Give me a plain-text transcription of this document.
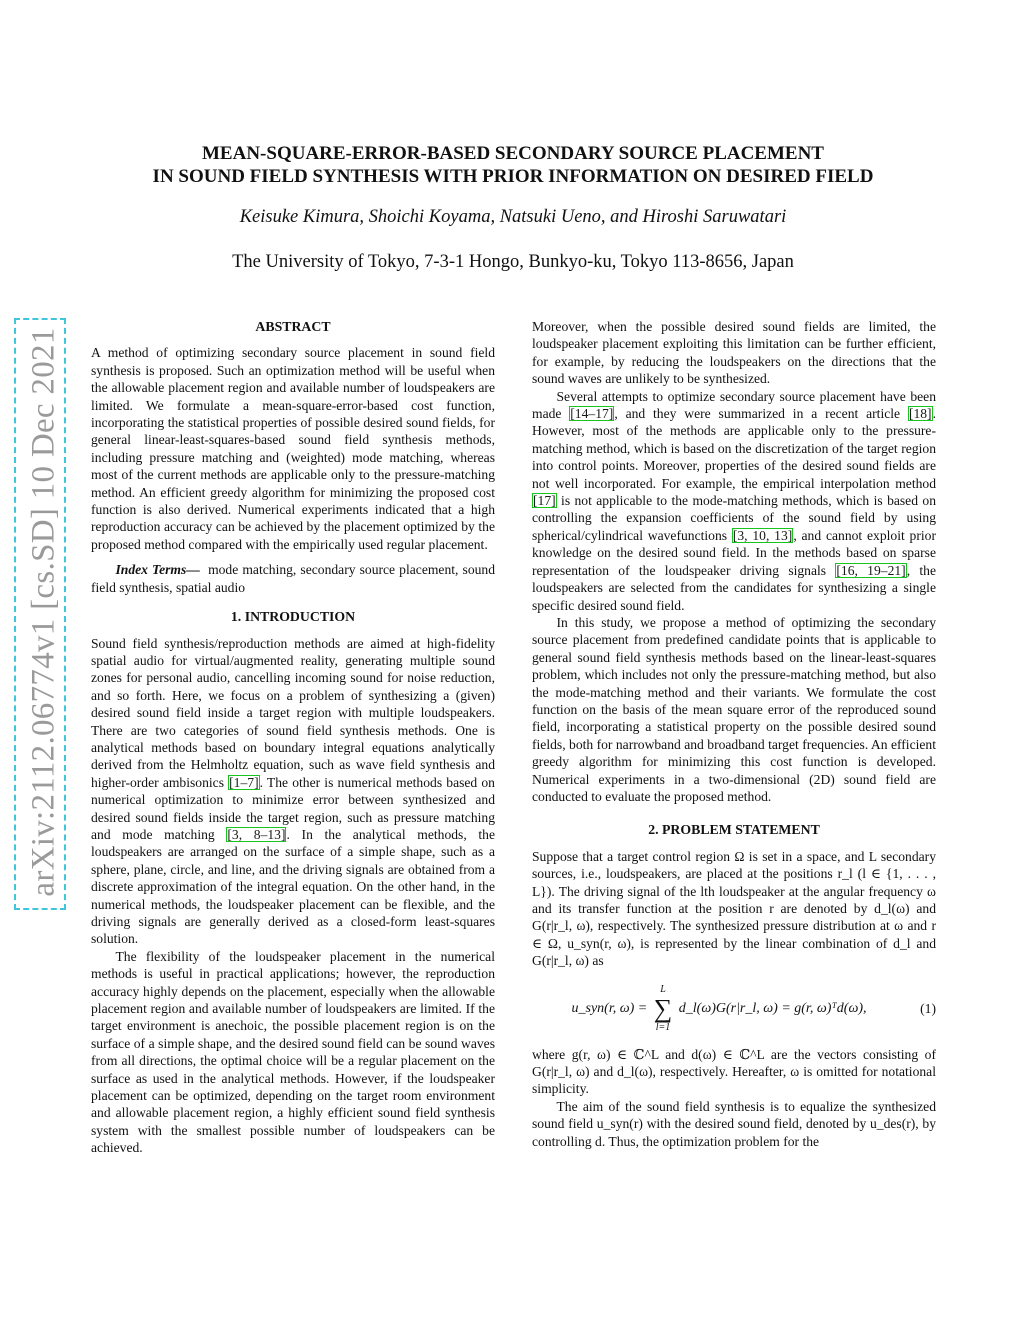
arXiv:2112.06774v1 [cs.SD] 10 Dec 2021
MEAN-SQUARE-ERROR-BASED SECONDARY SOURCE PLACEMENT
IN SOUND FIELD SYNTHESIS WITH PRIOR INFORMATION ON DESIRED FIELD
Keisuke Kimura, Shoichi Koyama, Natsuki Ueno, and Hiroshi Saruwatari
The University of Tokyo, 7-3-1 Hongo, Bunkyo-ku, Tokyo 113-8656, Japan
ABSTRACT

A method of optimizing secondary source placement in sound field synthesis is proposed. Such an optimization method will be useful when the allowable placement region and available number of loudspeakers are limited. We formulate a mean-square-error-based cost function, incorporating the statistical properties of possible desired sound fields, for general linear-least-squares-based sound field synthesis methods, including pressure matching and (weighted) mode matching, whereas most of the current methods are applicable only to the pressure-matching method. An efficient greedy algorithm for minimizing the proposed cost function is also derived. Numerical experiments indicated that a high reproduction accuracy can be achieved by the placement optimized by the proposed method compared with the empirically used regular placement.

Index Terms— mode matching, secondary source placement, sound field synthesis, spatial audio

1. INTRODUCTION

Sound field synthesis/reproduction methods are aimed at high-fidelity spatial audio for virtual/augmented reality, generating multiple sound zones for personal audio, cancelling incoming sound for noise reduction, and so forth. Here, we focus on a problem of synthesizing a (given) desired sound field inside a target region with multiple loudspeakers. There are two categories of sound field synthesis methods. One is analytical methods based on boundary integral equations analytically derived from the Helmholtz equation, such as wave field synthesis and higher-order ambisonics [1–7]. The other is numerical methods based on numerical optimization to minimize error between synthesized and desired sound fields inside the target region, such as pressure matching and mode matching [3, 8–13]. In the analytical methods, the loudspeakers are arranged on the surface of a simple shape, such as a sphere, plane, circle, and line, and the driving signals are obtained from a discrete approximation of the integral equation. On the other hand, in the numerical methods, the loudspeaker placement can be flexible, and the driving signals are generally derived as a closed-form least-squares solution.

The flexibility of the loudspeaker placement in the numerical methods is useful in practical applications; however, the reproduction accuracy highly depends on the placement, especially when the allowable placement region and available number of loudspeakers are limited. If the target environment is anechoic, the possible placement region is on the surface of a simple shape, and the desired sound field can be sound waves from all directions, the optimal choice will be a regular placement on the surface as used in the analytical methods. However, if the loudspeaker placement can be optimized, depending on the target room environment and allowable placement region, a highly efficient sound field synthesis system with the smallest possible number of loudspeakers can be achieved.

Moreover, when the possible desired sound fields are limited, the loudspeaker placement exploiting this limitation can be further efficient, for example, by reducing the loudspeakers on the directions that the sound waves are unlikely to be synthesized.

Several attempts to optimize secondary source placement have been made [14–17], and they were summarized in a recent article [18]. However, most of the methods are applicable only to the pressure-matching method, which is based on the discretization of the target region into control points. Moreover, properties of the desired sound fields are not well incorporated. For example, the empirical interpolation method [17] is not applicable to the mode-matching methods, which is based on controlling the expansion coefficients of the sound field by using spherical/cylindrical wavefunctions [3, 10, 13], and cannot exploit prior knowledge on the desired sound field. In the methods based on sparse representation of the loudspeaker driving signals [16, 19–21], the loudspeakers are selected from the candidates for synthesizing a single specific desired sound field.

In this study, we propose a method of optimizing the secondary source placement from predefined candidate points that is applicable to general sound field synthesis methods based on the linear-least-squares problem, which includes not only the pressure-matching method, but also the mode-matching method and their variants. We formulate the cost function on the basis of the mean square error of the reproduced sound field, incorporating a statistical property on the possible desired sound fields, both for narrowband and broadband target frequencies. An efficient greedy algorithm for minimizing this cost function is developed. Numerical experiments in a two-dimensional (2D) sound field are conducted to evaluate the proposed method.

2. PROBLEM STATEMENT

Suppose that a target control region Ω is set in a space, and L secondary sources, i.e., loudspeakers, are placed at the positions r_l (l ∈ {1, . . . , L}). The driving signal of the lth loudspeaker at the angular frequency ω and its transfer function at the position r are denoted by d_l(ω) and G(r|r_l, ω), respectively. The synthesized pressure distribution at ω and r ∈ Ω, u_syn(r, ω), is represented by the linear combination of d_l and G(r|r_l, ω) as

u_syn(r, ω) =
L
∑
l=1
d_l(ω)G(r|r_l, ω) = g(r, ω)ᵀd(ω),	(1)

where g(r, ω) ∈ ℂ^L and d(ω) ∈ ℂ^L are the vectors consisting of G(r|r_l, ω) and d_l(ω), respectively. Hereafter, ω is omitted for notational simplicity.

The aim of the sound field synthesis is to equalize the synthesized sound field u_syn(r) with the desired sound field, denoted by u_des(r), by controlling d. Thus, the optimization problem for the
